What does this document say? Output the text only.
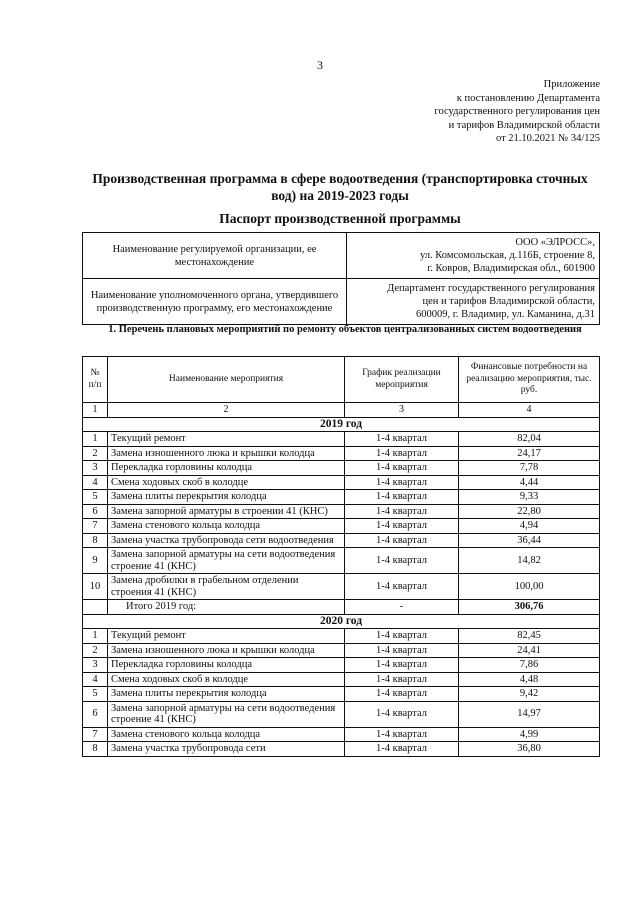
3
Приложение
к постановлению Департамента
государственного регулирования цен
и тарифов Владимирской области
от 21.10.2021 № 34/125
Производственная программа в сфере водоотведения (транспортировка сточных вод) на 2019-2023 годы
Паспорт производственной программы
Наименование регулируемой организации, ее местонахождение	ООО «ЭЛРОСС»,
ул. Комсомольская, д.116Б, строение 8,
г. Ковров, Владимирская обл., 601900

Наименование уполномоченного органа, утвердившего производственную программу, его местонахождение	Департамент государственного регулирования
цен и тарифов Владимирской области,
600009, г. Владимир, ул. Каманина, д.31
1. Перечень плановых мероприятий по ремонту объектов централизованных систем водоотведения
№ п/п	Наименование мероприятия	График реализации мероприятия	Финансовые потребности на реализацию мероприятия, тыс. руб.
1	2	3	4
2019 год			
1	Текущий ремонт	1-4 квартал	82,04
2	Замена изношенного люка и крышки колодца	1-4 квартал	24,17
3	Перекладка горловины колодца	1-4 квартал	7,78
4	Смена ходовых скоб в колодце	1-4 квартал	4,44
5	Замена плиты перекрытия колодца	1-4 квартал	9,33
6	Замена запорной арматуры в строении 41 (КНС)	1-4 квартал	22,80
7	Замена стенового кольца колодца	1-4 квартал	4,94
8	Замена участка трубопровода сети водоотведения	1-4 квартал	36,44
9	Замена запорной арматуры на сети водоотведения строение 41 (КНС)	1-4 квартал	14,82
10	Замена дробилки в грабельном отделении строения 41 (КНС)	1-4 квартал	100,00
	Итого 2019 год:	-	306,76
2020 год			
1	Текущий ремонт	1-4 квартал	82,45
2	Замена изношенного люка и крышки колодца	1-4 квартал	24,41
3	Перекладка горловины колодца	1-4 квартал	7,86
4	Смена ходовых скоб в колодце	1-4 квартал	4,48
5	Замена плиты перекрытия колодца	1-4 квартал	9,42
6	Замена запорной арматуры на сети водоотведения строение 41 (КНС)	1-4 квартал	14,97
7	Замена стенового кольца колодца	1-4 квартал	4,99
8	Замена участка трубопровода сети	1-4 квартал	36,80
